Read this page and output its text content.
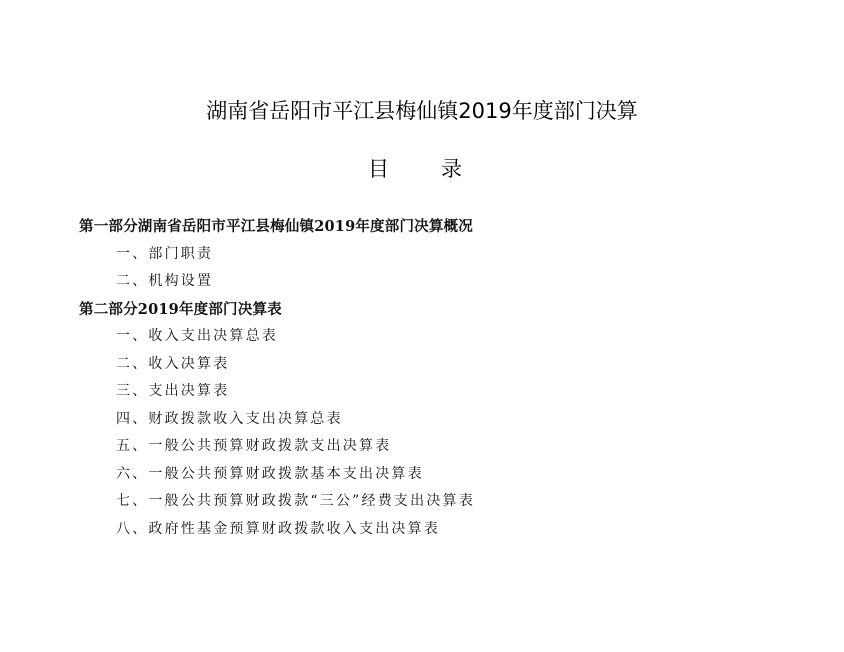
湖南省岳阳市平江县梅仙镇2019年度部门决算
目 录
第一部分湖南省岳阳市平江县梅仙镇2019年度部门决算概况
一、部门职责
二、机构设置
第二部分2019年度部门决算表
一、收入支出决算总表
二、收入决算表
三、支出决算表
四、财政拨款收入支出决算总表
五、一般公共预算财政拨款支出决算表
六、一般公共预算财政拨款基本支出决算表
七、一般公共预算财政拨款“三公”经费支出决算表
八、政府性基金预算财政拨款收入支出决算表
